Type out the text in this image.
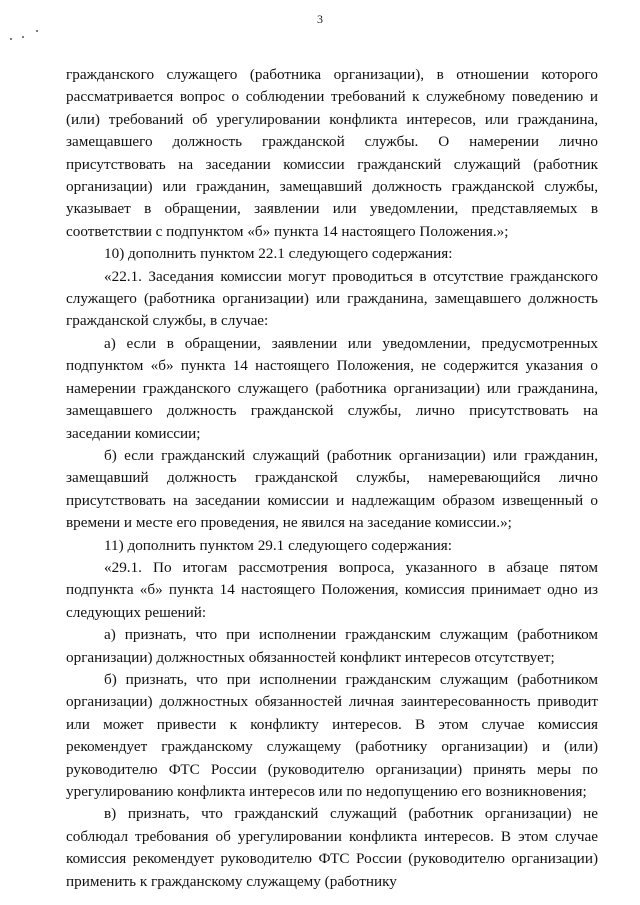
3

гражданского служащего (работника организации), в отношении которого рассматривается вопрос о соблюдении требований к служебному поведению и (или) требований об урегулировании конфликта интересов, или гражданина, замещавшего должность гражданской службы. О намерении лично присутствовать на заседании комиссии гражданский служащий (работник организации) или гражданин, замещавший должность гражданской службы, указывает в обращении, заявлении или уведомлении, представляемых в соответствии с подпунктом «б» пункта 14 настоящего Положения.»;

10) дополнить пунктом 22.1 следующего содержания:

«22.1. Заседания комиссии могут проводиться в отсутствие гражданского служащего (работника организации) или гражданина, замещавшего должность гражданской службы, в случае:

а) если в обращении, заявлении или уведомлении, предусмотренных подпунктом «б» пункта 14 настоящего Положения, не содержится указания о намерении гражданского служащего (работника организации) или гражданина, замещавшего должность гражданской службы, лично присутствовать на заседании комиссии;

б) если гражданский служащий (работник организации) или гражданин, замещавший должность гражданской службы, намеревающийся лично присутствовать на заседании комиссии и надлежащим образом извещенный о времени и месте его проведения, не явился на заседание комиссии.»;

11) дополнить пунктом 29.1 следующего содержания:

«29.1. По итогам рассмотрения вопроса, указанного в абзаце пятом подпункта «б» пункта 14 настоящего Положения, комиссия принимает одно из следующих решений:

а) признать, что при исполнении гражданским служащим (работником организации) должностных обязанностей конфликт интересов отсутствует;

б) признать, что при исполнении гражданским служащим (работником организации) должностных обязанностей личная заинтересованность приводит или может привести к конфликту интересов. В этом случае комиссия рекомендует гражданскому служащему (работнику организации) и (или) руководителю ФТС России (руководителю организации) принять меры по урегулированию конфликта интересов или по недопущению его возникновения;

в) признать, что гражданский служащий (работник организации) не соблюдал требования об урегулировании конфликта интересов. В этом случае комиссия рекомендует руководителю ФТС России (руководителю организации) применить к гражданскому служащему (работнику
